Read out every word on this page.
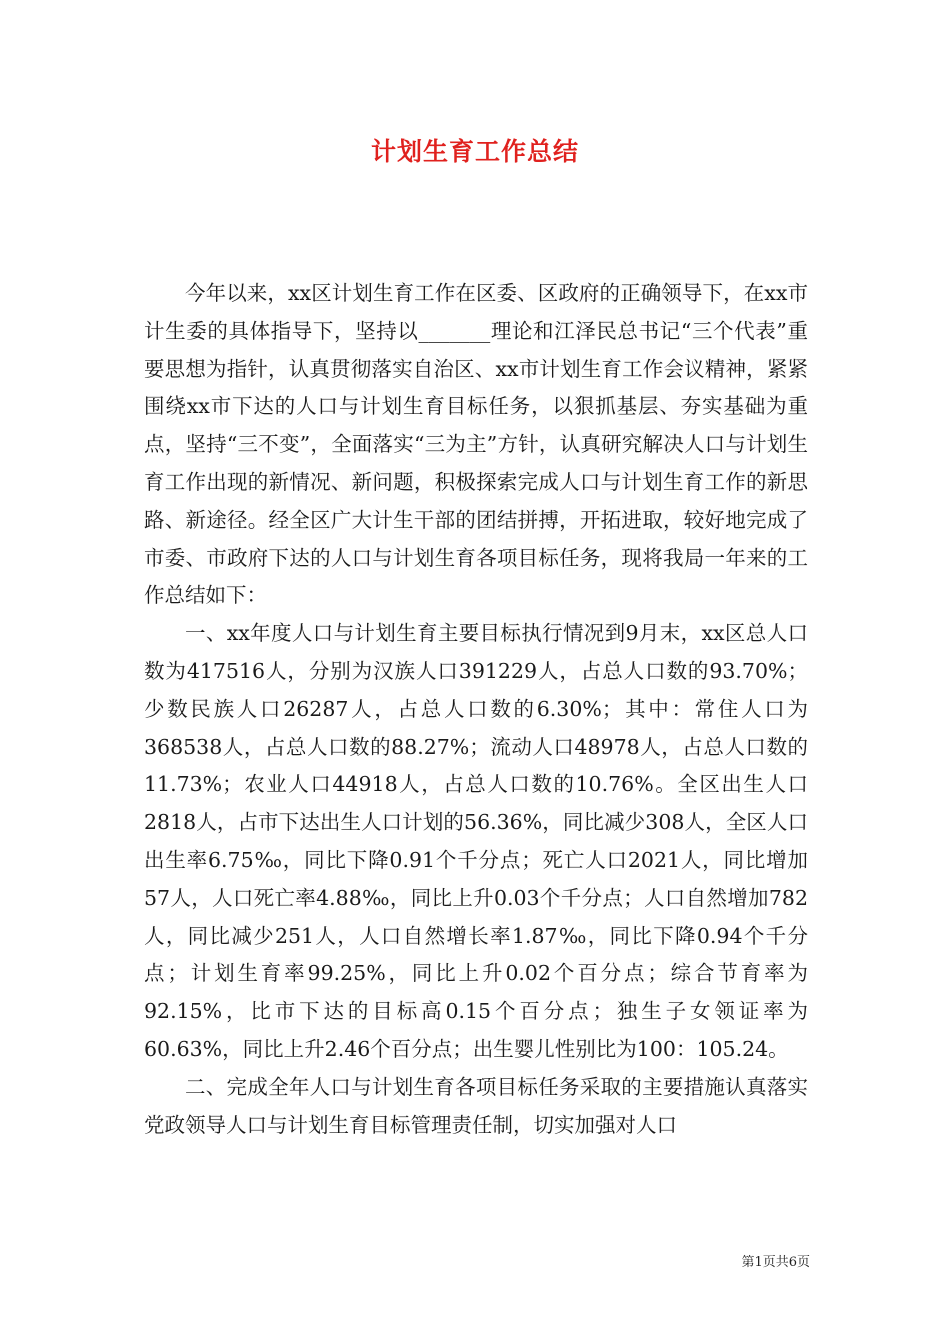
计划生育工作总结

今年以来，xx区计划生育工作在区委、区政府的正确领导下，在xx市计生委的具体指导下，坚持以_______理论和江泽民总书记“三个代表”重要思想为指针，认真贯彻落实自治区、xx市计划生育工作会议精神，紧紧围绕xx市下达的人口与计划生育目标任务，以狠抓基层、夯实基础为重点，坚持“三不变”，全面落实“三为主”方针，认真研究解决人口与计划生育工作出现的新情况、新问题，积极探索完成人口与计划生育工作的新思路、新途径。经全区广大计生干部的团结拼搏，开拓进取，较好地完成了市委、市政府下达的人口与计划生育各项目标任务，现将我局一年来的工作总结如下：

一、xx年度人口与计划生育主要目标执行情况到9月末，xx区总人口数为417516人，分别为汉族人口391229人，占总人口数的93.70%；少数民族人口26287人，占总人口数的6.30%；其中：常住人口为368538人，占总人口数的88.27%；流动人口48978人，占总人口数的11.73%；农业人口44918人，占总人口数的10.76%。全区出生人口2818人，占市下达出生人口计划的56.36%，同比减少308人，全区人口出生率6.75‰，同比下降0.91个千分点；死亡人口2021人，同比增加57人，人口死亡率4.88‰，同比上升0.03个千分点；人口自然增加782人，同比减少251人，人口自然增长率1.87‰，同比下降0.94个千分点；计划生育率99.25%，同比上升0.02个百分点；综合节育率为92.15%，比市下达的目标高0.15个百分点；独生子女领证率为60.63%，同比上升2.46个百分点；出生婴儿性别比为100：105.24。

二、完成全年人口与计划生育各项目标任务采取的主要措施认真落实党政领导人口与计划生育目标管理责任制，切实加强对人口

第1页共6页
